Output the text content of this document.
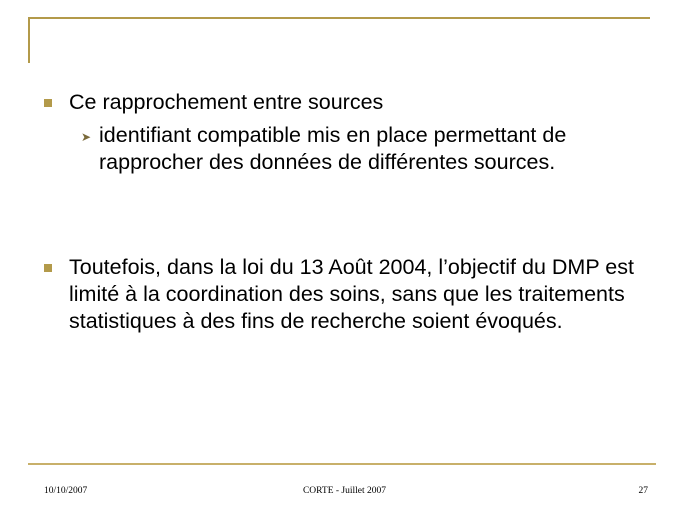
Ce rapprochement entre sources
➤ identifiant compatible mis en place permettant de rapprocher des données de différentes sources.
Toutefois, dans la loi du 13 Août 2004, l’objectif du DMP est limité à la coordination des soins, sans que les traitements statistiques à des fins de recherche soient évoqués.
10/10/2007	CORTE - Juillet 2007	27
